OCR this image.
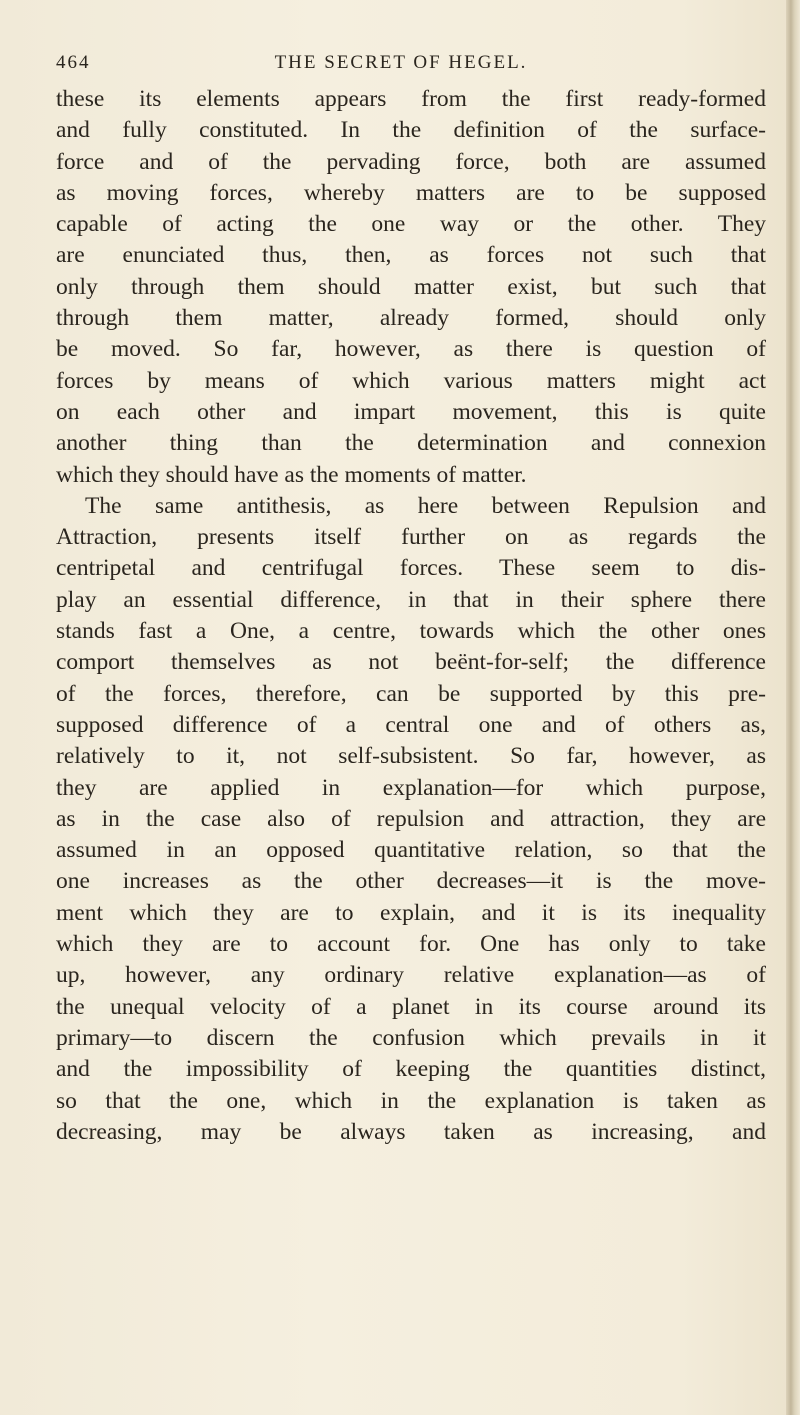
464	THE SECRET OF HEGEL.
these its elements appears from the first ready-formed
and fully constituted. In the definition of the surface-
force and of the pervading force, both are assumed
as moving forces, whereby matters are to be supposed
capable of acting the one way or the other. They
are enunciated thus, then, as forces not such that
only through them should matter exist, but such that
through them matter, already formed, should only
be moved. So far, however, as there is question of
forces by means of which various matters might act
on each other and impart movement, this is quite
another thing than the determination and connexion
which they should have as the moments of matter.
The same antithesis, as here between Repulsion and
Attraction, presents itself further on as regards the
centripetal and centrifugal forces. These seem to dis-
play an essential difference, in that in their sphere there
stands fast a One, a centre, towards which the other ones
comport themselves as not beënt-for-self; the difference
of the forces, therefore, can be supported by this pre-
supposed difference of a central one and of others as,
relatively to it, not self-subsistent. So far, however, as
they are applied in explanation—for which purpose,
as in the case also of repulsion and attraction, they are
assumed in an opposed quantitative relation, so that the
one increases as the other decreases—it is the move-
ment which they are to explain, and it is its inequality
which they are to account for. One has only to take
up, however, any ordinary relative explanation—as of
the unequal velocity of a planet in its course around its
primary—to discern the confusion which prevails in it
and the impossibility of keeping the quantities distinct,
so that the one, which in the explanation is taken as
decreasing, may be always taken as increasing, and
